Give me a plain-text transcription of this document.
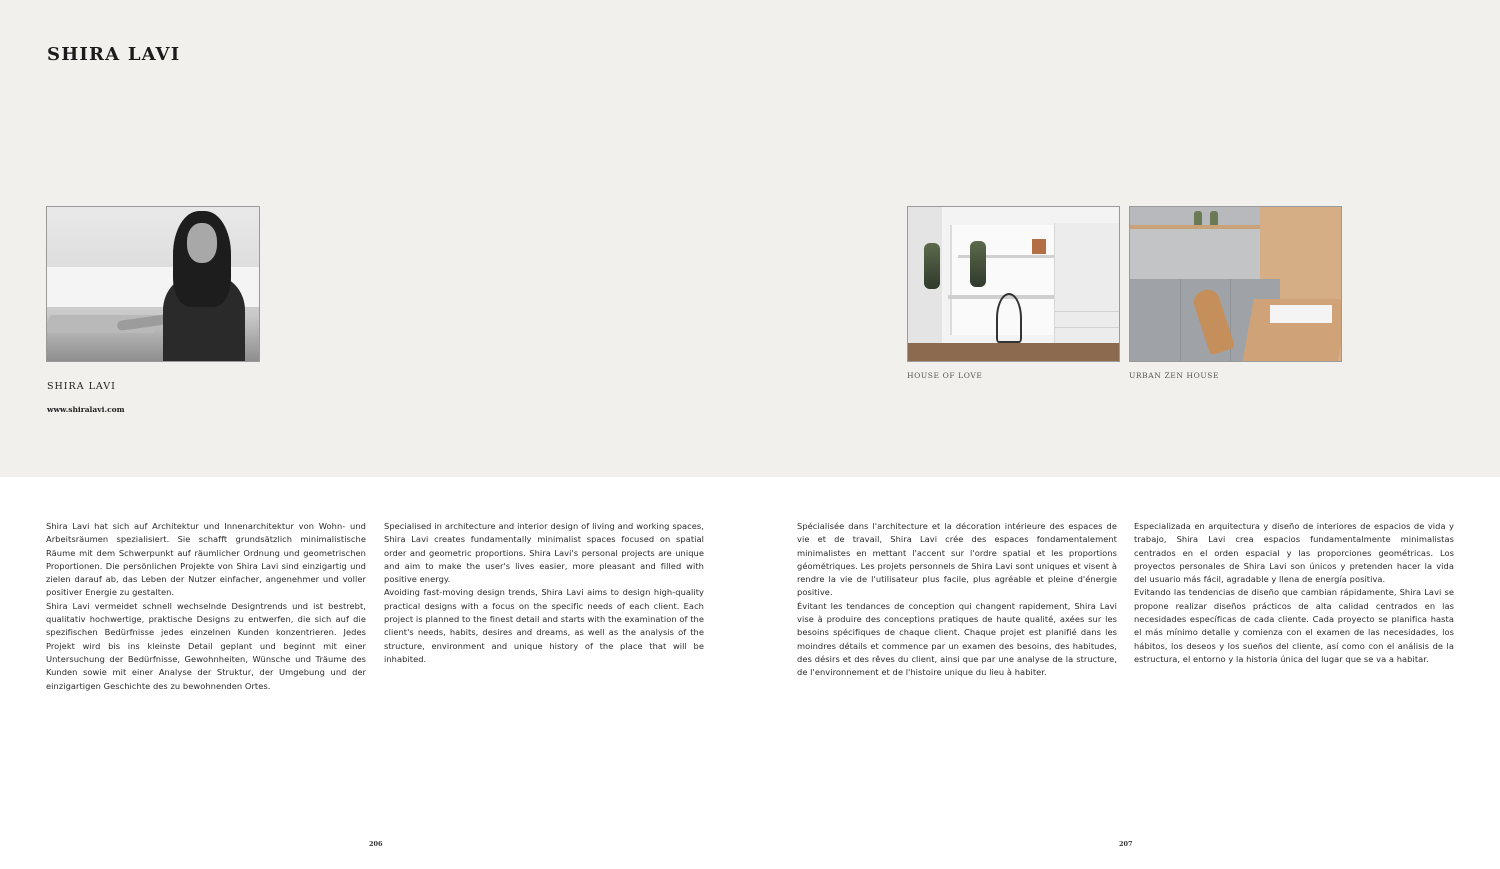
SHIRA LAVI
HOUSE OF LOVE	URBAN ZEN HOUSE
SHIRA LAVI
www.shiralavi.com

Shira Lavi hat sich auf Architektur und Innenarchitektur von Wohn- und Arbeitsräumen spezialisiert. Sie schafft grundsätzlich minimalistische Räume mit dem Schwerpunkt auf räumlicher Ordnung und geometrischen Proportionen. Die persönlichen Projekte von Shira Lavi sind einzigartig und zielen darauf ab, das Leben der Nutzer einfacher, angenehmer und voller positiver Energie zu gestalten.

Shira Lavi vermeidet schnell wechselnde Designtrends und ist bestrebt, qualitativ hochwertige, praktische Designs zu entwerfen, die sich auf die spezifischen Bedürfnisse jedes einzelnen Kunden konzentrieren. Jedes Projekt wird bis ins kleinste Detail geplant und beginnt mit einer Untersuchung der Bedürfnisse, Gewohnheiten, Wünsche und Träume des Kunden sowie mit einer Analyse der Struktur, der Umgebung und der einzigartigen Geschichte des zu bewohnenden Ortes.

Specialised in architecture and interior design of living and working spaces, Shira Lavi creates fundamentally minimalist spaces focused on spatial order and geometric proportions. Shira Lavi's personal projects are unique and aim to make the user's lives easier, more pleasant and filled with positive energy.

Avoiding fast-moving design trends, Shira Lavi aims to design high-quality practical designs with a focus on the specific needs of each client. Each project is planned to the finest detail and starts with the examination of the client's needs, habits, desires and dreams, as well as the analysis of the structure, environment and unique history of the place that will be inhabited.

Spécialisée dans l'architecture et la décoration intérieure des espaces de vie et de travail, Shira Lavi crée des espaces fondamentalement minimalistes en mettant l'accent sur l'ordre spatial et les proportions géométriques. Les projets personnels de Shira Lavi sont uniques et visent à rendre la vie de l'utilisateur plus facile, plus agréable et pleine d'énergie positive.

Évitant les tendances de conception qui changent rapidement, Shira Lavi vise à produire des conceptions pratiques de haute qualité, axées sur les besoins spécifiques de chaque client. Chaque projet est planifié dans les moindres détails et commence par un examen des besoins, des habitudes, des désirs et des rêves du client, ainsi que par une analyse de la structure, de l'environnement et de l'histoire unique du lieu à habiter.

Especializada en arquitectura y diseño de interiores de espacios de vida y trabajo, Shira Lavi crea espacios fundamentalmente minimalistas centrados en el orden espacial y las proporciones geométricas. Los proyectos personales de Shira Lavi son únicos y pretenden hacer la vida del usuario más fácil, agradable y llena de energía positiva.

Evitando las tendencias de diseño que cambian rápidamente, Shira Lavi se propone realizar diseños prácticos de alta calidad centrados en las necesidades específicas de cada cliente. Cada proyecto se planifica hasta el más mínimo detalle y comienza con el examen de las necesidades, los hábitos, los deseos y los sueños del cliente, así como con el análisis de la estructura, el entorno y la historia única del lugar que se va a habitar.

206	207
